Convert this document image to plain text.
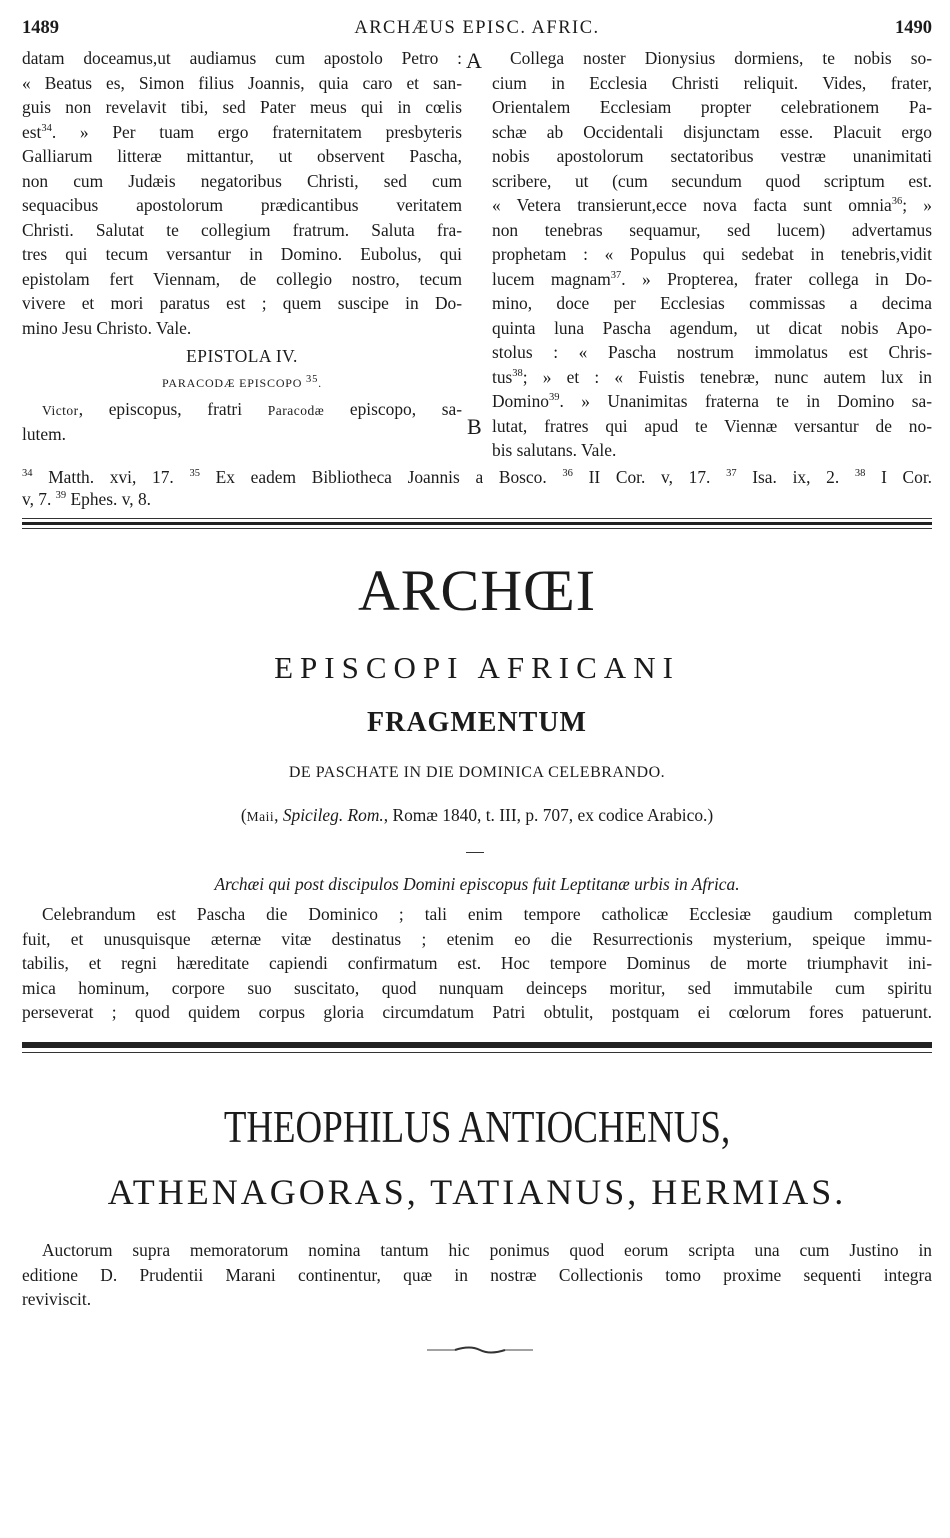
1489	ARCHÆUS EPISC. AFRIC.	1490
datam doceamus,ut audiamus cum apostolo Petro :
« Beatus es, Simon filius Joannis, quia caro et san-
guis non revelavit tibi, sed Pater meus qui in cœlis
est$^{34}$. » Per tuam ergo fraternitatem presbyteris
Galliarum litteræ mittantur, ut observent Pascha,
non cum Judæis negatoribus Christi, sed cum
sequacibus apostolorum prædicantibus veritatem
Christi. Salutat te collegium fratrum. Saluta fra-
tres qui tecum versantur in Domino. Eubolus, qui
epistolam fert Viennam, de collegio nostro, tecum
vivere et mori paratus est ; quem suscipe in Do-
mino Jesu Christo. Vale.
EPISTOLA IV.
PARACODÆ EPISCOPO $^{35}$.
Victor, episcopus, fratri Paracodæ episcopo, sa-
lutem.
A
B
Collega noster Dionysius dormiens, te nobis so-
cium in Ecclesia Christi reliquit. Vides, frater,
Orientalem Ecclesiam propter celebrationem Pa-
schæ ab Occidentali disjunctam esse. Placuit ergo
nobis apostolorum sectatoribus vestræ unanimitati
scribere, ut (cum secundum quod scriptum est.
« Vetera transierunt,ecce nova facta sunt omnia$^{36}$; »
non tenebras sequamur, sed lucem) advertamus
prophetam : « Populus qui sedebat in tenebris,vidit
lucem magnam$^{37}$. » Propterea, frater collega in Do-
mino, doce per Ecclesias commissas a decima
quinta luna Pascha agendum, ut dicat nobis Apo-
stolus : « Pascha nostrum immolatus est Chris-
tus$^{38}$; » et : « Fuistis tenebræ, nunc autem lux in
Domino$^{39}$. » Unanimitas fraterna te in Domino sa-
lutat, fratres qui apud te Viennæ versantur de no-
bis salutans. Vale.
$^{34}$ Matth. xvi, 17. $^{35}$ Ex eadem Bibliotheca Joannis a Bosco. $^{36}$ II Cor. v, 17. $^{37}$ Isa. ix, 2. $^{38}$ I Cor.
v, 7. $^{39}$ Ephes. v, 8.
ARCHŒI
EPISCOPI AFRICANI
FRAGMENTUM
DE PASCHATE IN DIE DOMINICA CELEBRANDO.
(Maii, Spicileg. Rom., Romæ 1840, t. III, p. 707, ex codice Arabico.)
Archæi qui post discipulos Domini episcopus fuit Leptitanæ urbis in Africa.
Celebrandum est Pascha die Dominico ; tali enim tempore catholicæ Ecclesiæ gaudium completum
fuit, et unusquisque æternæ vitæ destinatus ; etenim eo die Resurrectionis mysterium, speique immu-
tabilis, et regni hæreditate capiendi confirmatum est. Hoc tempore Dominus de morte triumphavit ini-
mica hominum, corpore suo suscitato, quod nunquam deinceps moritur, sed immutabile cum spiritu
perseverat ; quod quidem corpus gloria circumdatum Patri obtulit, postquam ei cœlorum fores patuerunt.
THEOPHILUS ANTIOCHENUS,
ATHENAGORAS, TATIANUS, HERMIAS.
Auctorum supra memoratorum nomina tantum hic ponimus quod eorum scripta una cum Justino in
editione D. Prudentii Marani continentur, quæ in nostræ Collectionis tomo proxime sequenti integra
reviviscit.
